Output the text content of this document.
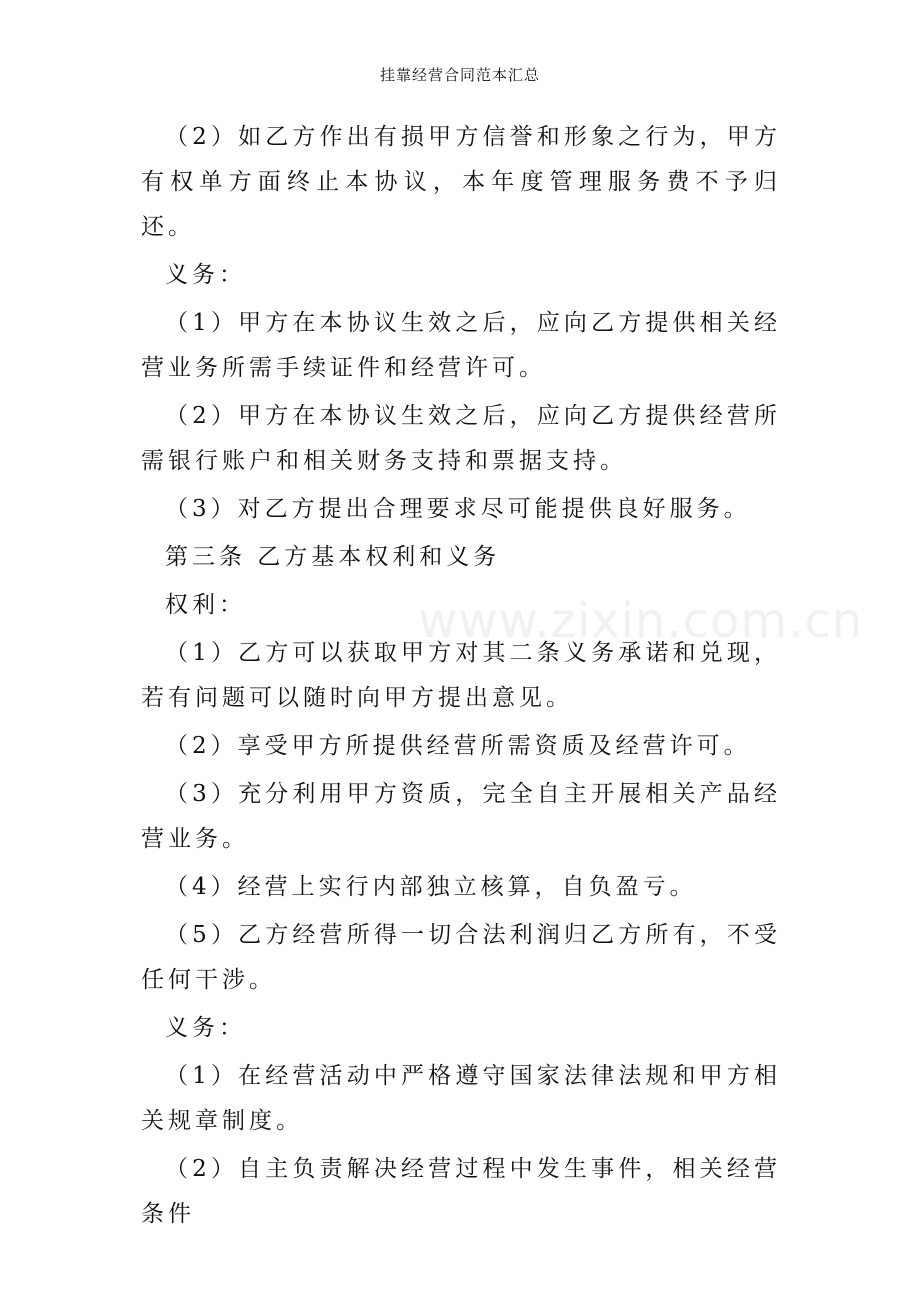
挂靠经营合同范本汇总
www.zixin.com.cn

（2）如乙方作出有损甲方信誉和形象之行为，甲方有权单方面终止本协议，本年度管理服务费不予归还。

义务：

（1）甲方在本协议生效之后，应向乙方提供相关经营业务所需手续证件和经营许可。

（2）甲方在本协议生效之后，应向乙方提供经营所需银行账户和相关财务支持和票据支持。

（3）对乙方提出合理要求尽可能提供良好服务。

第三条 乙方基本权利和义务

权利：

（1）乙方可以获取甲方对其二条义务承诺和兑现，若有问题可以随时向甲方提出意见。

（2）享受甲方所提供经营所需资质及经营许可。

（3）充分利用甲方资质，完全自主开展相关产品经营业务。

（4）经营上实行内部独立核算，自负盈亏。

（5）乙方经营所得一切合法利润归乙方所有，不受任何干涉。

义务：

（1）在经营活动中严格遵守国家法律法规和甲方相关规章制度。

（2）自主负责解决经营过程中发生事件，相关经营条件
